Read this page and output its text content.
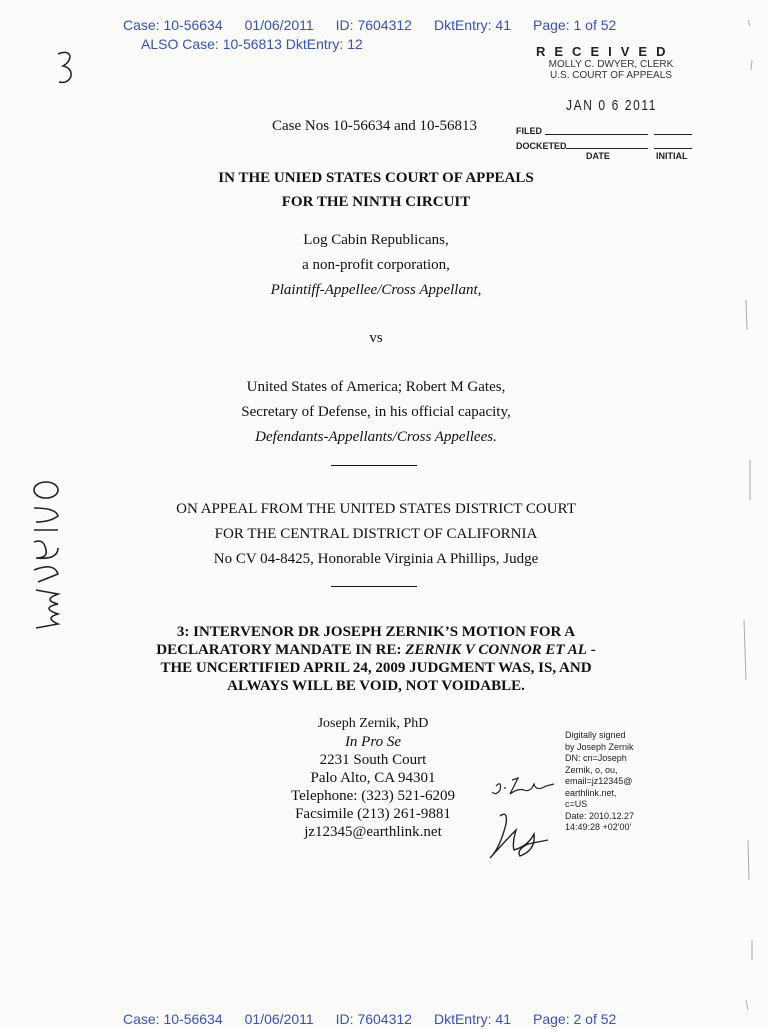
Case: 10-56634 01/06/2011 ID: 7604312 DktEntry: 41 Page: 1 of 52
ALSO Case: 10-56813 DktEntry: 12	RECEIVED
MOLLY C. DWYER, CLERK
U.S. COURT OF APPEALS
JAN 0 6 2011
FILED
DOCKETED
DATE	INITIAL
Case Nos 10-56634 and 10-56813
IN THE UNIED STATES COURT OF APPEALS
FOR THE NINTH CIRCUIT
Log Cabin Republicans,
a non-profit corporation,
Plaintiff-Appellee/Cross Appellant,
vs
United States of America; Robert M Gates,
Secretary of Defense, in his official capacity,
Defendants-Appellants/Cross Appellees.
ON APPEAL FROM THE UNITED STATES DISTRICT COURT
FOR THE CENTRAL DISTRICT OF CALIFORNIA
No CV 04-8425, Honorable Virginia A Phillips, Judge
3: INTERVENOR DR JOSEPH ZERNIK’S MOTION FOR A
DECLARATORY MANDATE IN RE: ZERNIK V CONNOR ET AL -
THE UNCERTIFIED APRIL 24, 2009 JUDGMENT WAS, IS, AND
ALWAYS WILL BE VOID, NOT VOIDABLE.
Joseph Zernik, PhD
In Pro Se
2231 South Court
Palo Alto, CA 94301
Telephone: (323) 521-6209
Facsimile (213) 261-9881
jz12345@earthlink.net
Digitally signed
by Joseph Zernik
DN: cn=Joseph
Zernik, o, ou,
email=jz12345@
earthlink.net,
c=US
Date: 2010.12.27
14:49:28 +02'00'
Case: 10-56634 01/06/2011 ID: 7604312 DktEntry: 41 Page: 2 of 52
